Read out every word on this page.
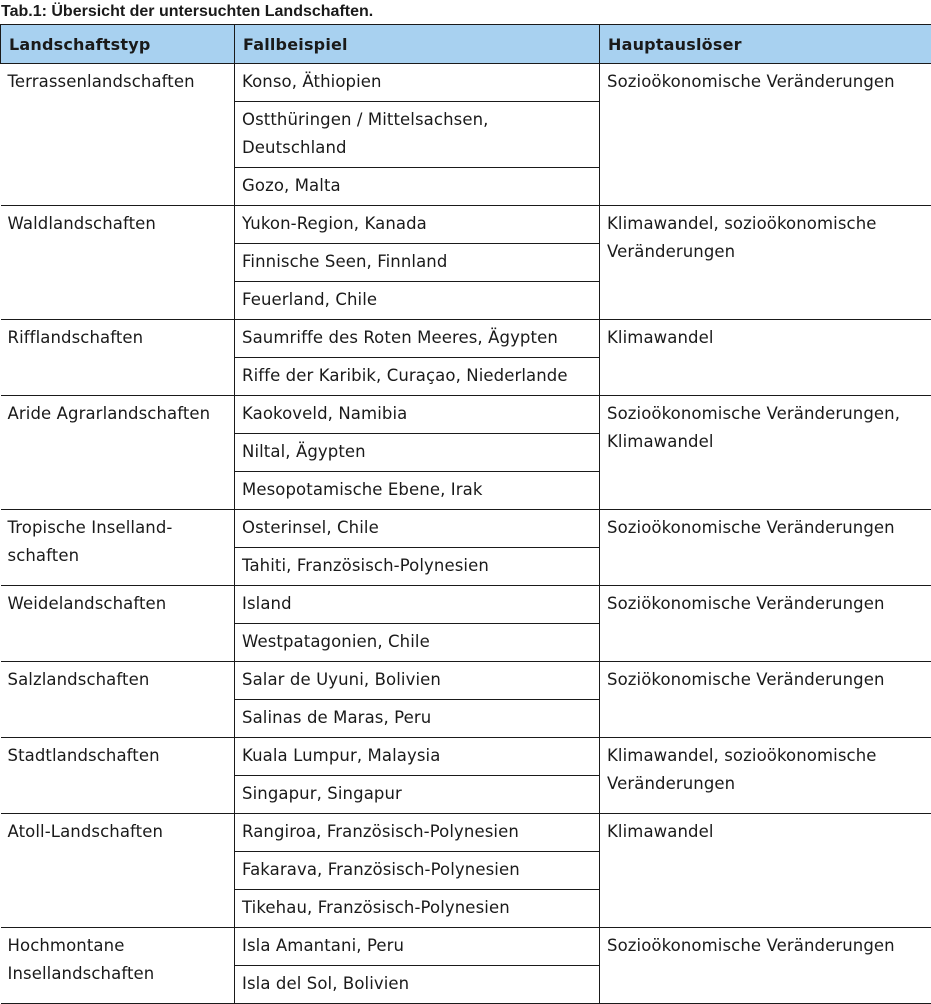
Tab.1: Übersicht der untersuchten Landschaften.
Landschaftstyp	Fallbeispiel	Hauptauslöser
Terrassenlandschaften	Konso, Äthiopien	Sozioökonomische Veränderungen
	Ostthüringen / Mittelsachsen,
Deutschland	
	Gozo, Malta	
Waldlandschaften	Yukon-Region, Kanada	Klimawandel, sozioökonomische Veränderungen
	Finnische Seen, Finnland	
	Feuerland, Chile	
Rifflandschaften	Saumriffe des Roten Meeres, Ägypten	Klimawandel
	Riffe der Karibik, Curaçao, Niederlande	
Aride Agrarlandschaften	Kaokoveld, Namibia	Sozioökonomische Veränderungen, Klimawandel
	Niltal, Ägypten	
	Mesopotamische Ebene, Irak	
Tropische Inselland-
schaften	Osterinsel, Chile	Sozioökonomische Veränderungen
	Tahiti, Französisch-Polynesien	
Weidelandschaften	Island	Soziökonomische Veränderungen
	Westpatagonien, Chile	
Salzlandschaften	Salar de Uyuni, Bolivien	Soziökonomische Veränderungen
	Salinas de Maras, Peru	
Stadtlandschaften	Kuala Lumpur, Malaysia	Klimawandel, sozioökonomische Veränderungen
	Singapur, Singapur	
Atoll-Landschaften	Rangiroa, Französisch-Polynesien	Klimawandel
	Fakarava, Französisch-Polynesien	
	Tikehau, Französisch-Polynesien	
Hochmontane
Insellandschaften	Isla Amantani, Peru	Sozioökonomische Veränderungen
	Isla del Sol, Bolivien	
